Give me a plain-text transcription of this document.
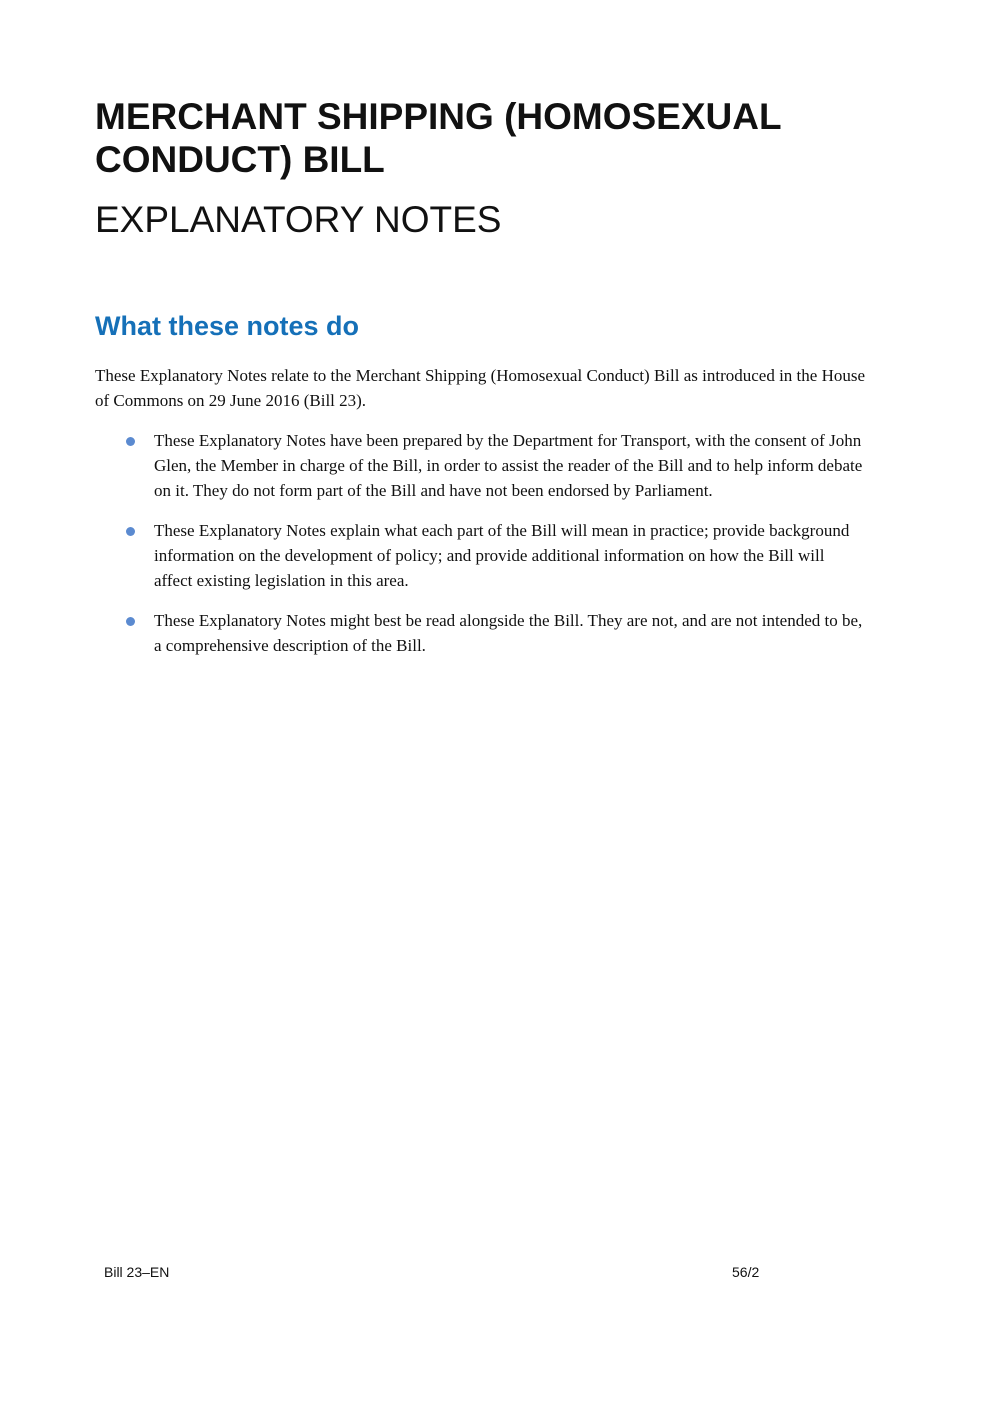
MERCHANT SHIPPING (HOMOSEXUAL CONDUCT) BILL
EXPLANATORY NOTES
What these notes do

These Explanatory Notes relate to the Merchant Shipping (Homosexual Conduct) Bill as introduced in the House of Commons on 29 June 2016 (Bill 23).

These Explanatory Notes have been prepared by the Department for Transport, with the consent of John Glen, the Member in charge of the Bill, in order to assist the reader of the Bill and to help inform debate on it. They do not form part of the Bill and have not been endorsed by Parliament.
These Explanatory Notes explain what each part of the Bill will mean in practice; provide background information on the development of policy; and provide additional information on how the Bill will affect existing legislation in this area.
These Explanatory Notes might best be read alongside the Bill. They are not, and are not intended to be, a comprehensive description of the Bill.
Bill 23–EN	56/2
